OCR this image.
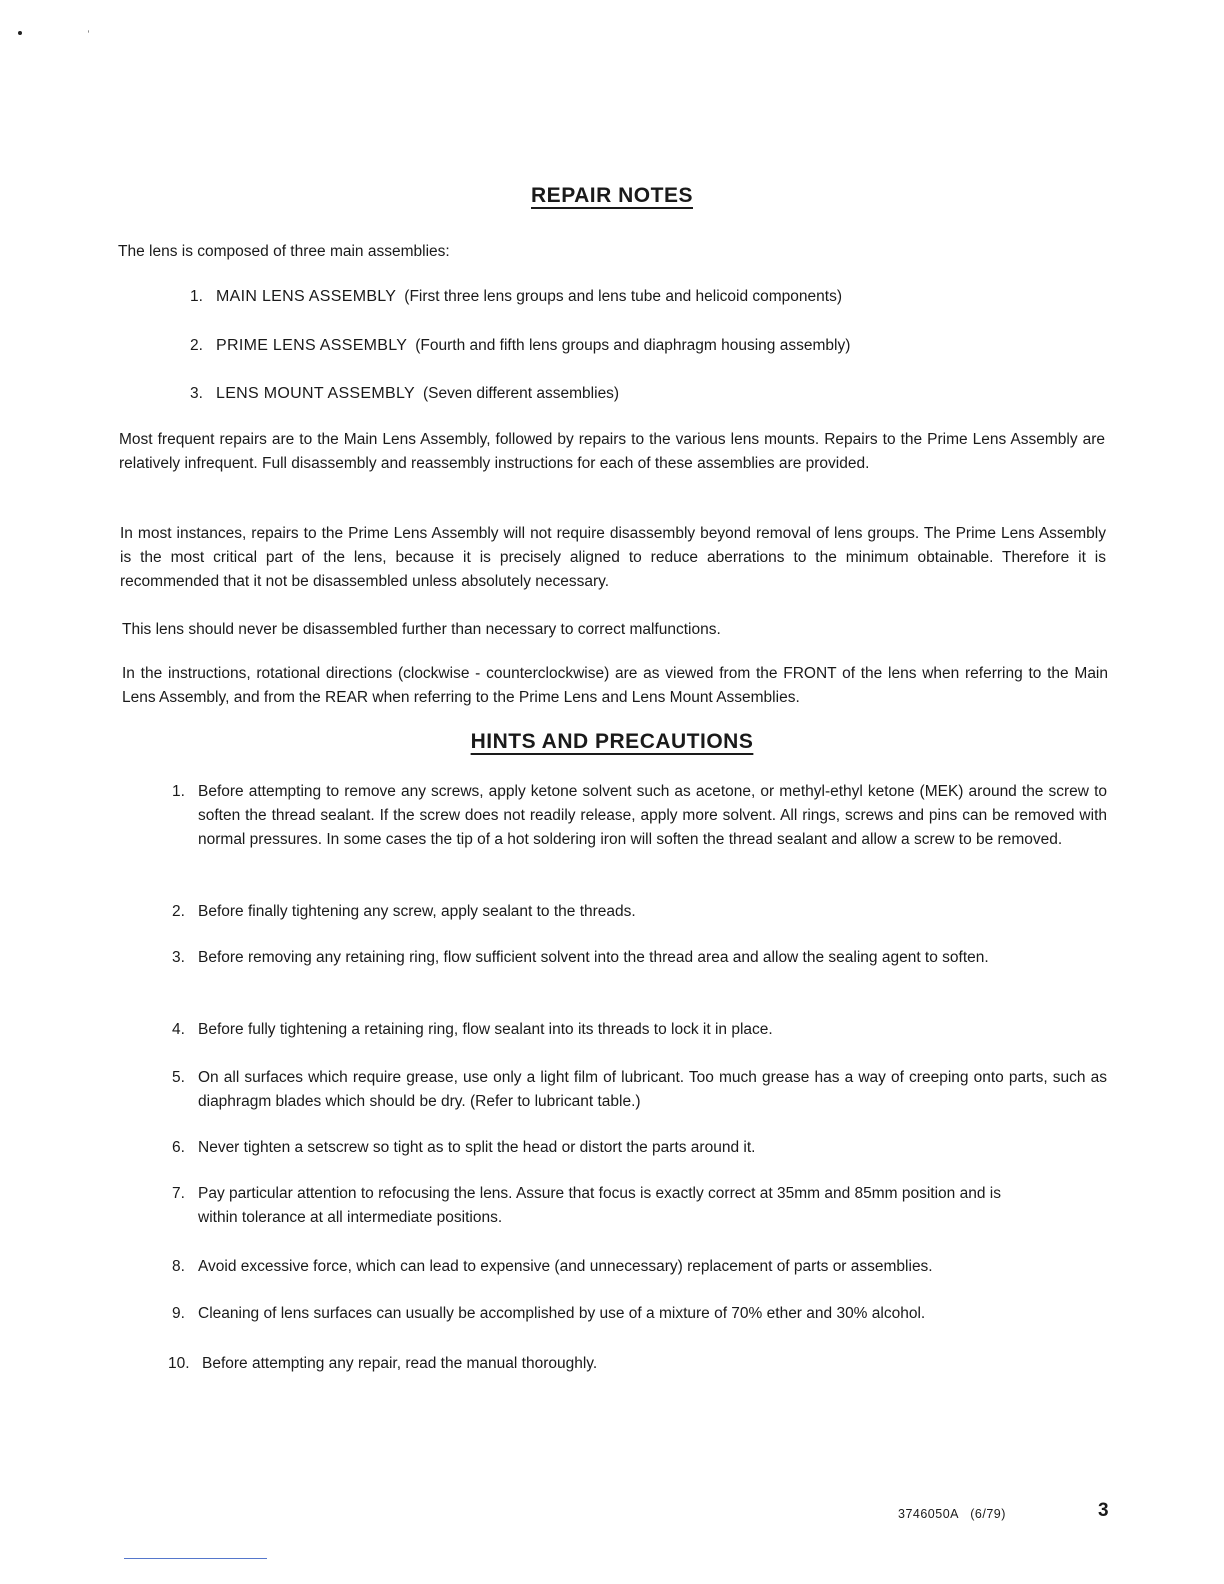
REPAIR NOTES
The lens is composed of three main assemblies:
1. MAIN LENS ASSEMBLY (First three lens groups and lens tube and helicoid components)
2. PRIME LENS ASSEMBLY (Fourth and fifth lens groups and diaphragm housing assembly)
3. LENS MOUNT ASSEMBLY (Seven different assemblies)
Most frequent repairs are to the Main Lens Assembly, followed by repairs to the various lens mounts. Repairs to the Prime Lens Assembly are relatively infrequent. Full disassembly and reassembly instructions for each of these assemblies are provided.
In most instances, repairs to the Prime Lens Assembly will not require disassembly beyond removal of lens groups. The Prime Lens Assembly is the most critical part of the lens, because it is precisely aligned to reduce aberrations to the minimum obtainable. Therefore it is recommended that it not be disassembled unless absolutely necessary.
This lens should never be disassembled further than necessary to correct malfunctions.
In the instructions, rotational directions (clockwise - counterclockwise) are as viewed from the FRONT of the lens when referring to the Main Lens Assembly, and from the REAR when referring to the Prime Lens and Lens Mount Assemblies.
HINTS AND PRECAUTIONS
1. Before attempting to remove any screws, apply ketone solvent such as acetone, or methyl-ethyl ketone (MEK) around the screw to soften the thread sealant. If the screw does not readily release, apply more solvent. All rings, screws and pins can be removed with normal pressures. In some cases the tip of a hot soldering iron will soften the thread sealant and allow a screw to be removed.
2. Before finally tightening any screw, apply sealant to the threads.
3. Before removing any retaining ring, flow sufficient solvent into the thread area and allow the sealing agent to soften.
4. Before fully tightening a retaining ring, flow sealant into its threads to lock it in place.
5. On all surfaces which require grease, use only a light film of lubricant. Too much grease has a way of creeping onto parts, such as diaphragm blades which should be dry. (Refer to lubricant table.)
6. Never tighten a setscrew so tight as to split the head or distort the parts around it.
7. Pay particular attention to refocusing the lens. Assure that focus is exactly correct at 35mm and 85mm position and is within tolerance at all intermediate positions.
8. Avoid excessive force, which can lead to expensive (and unnecessary) replacement of parts or assemblies.
9. Cleaning of lens surfaces can usually be accomplished by use of a mixture of 70% ether and 30% alcohol.
10. Before attempting any repair, read the manual thoroughly.
3746050A   (6/79)	3
